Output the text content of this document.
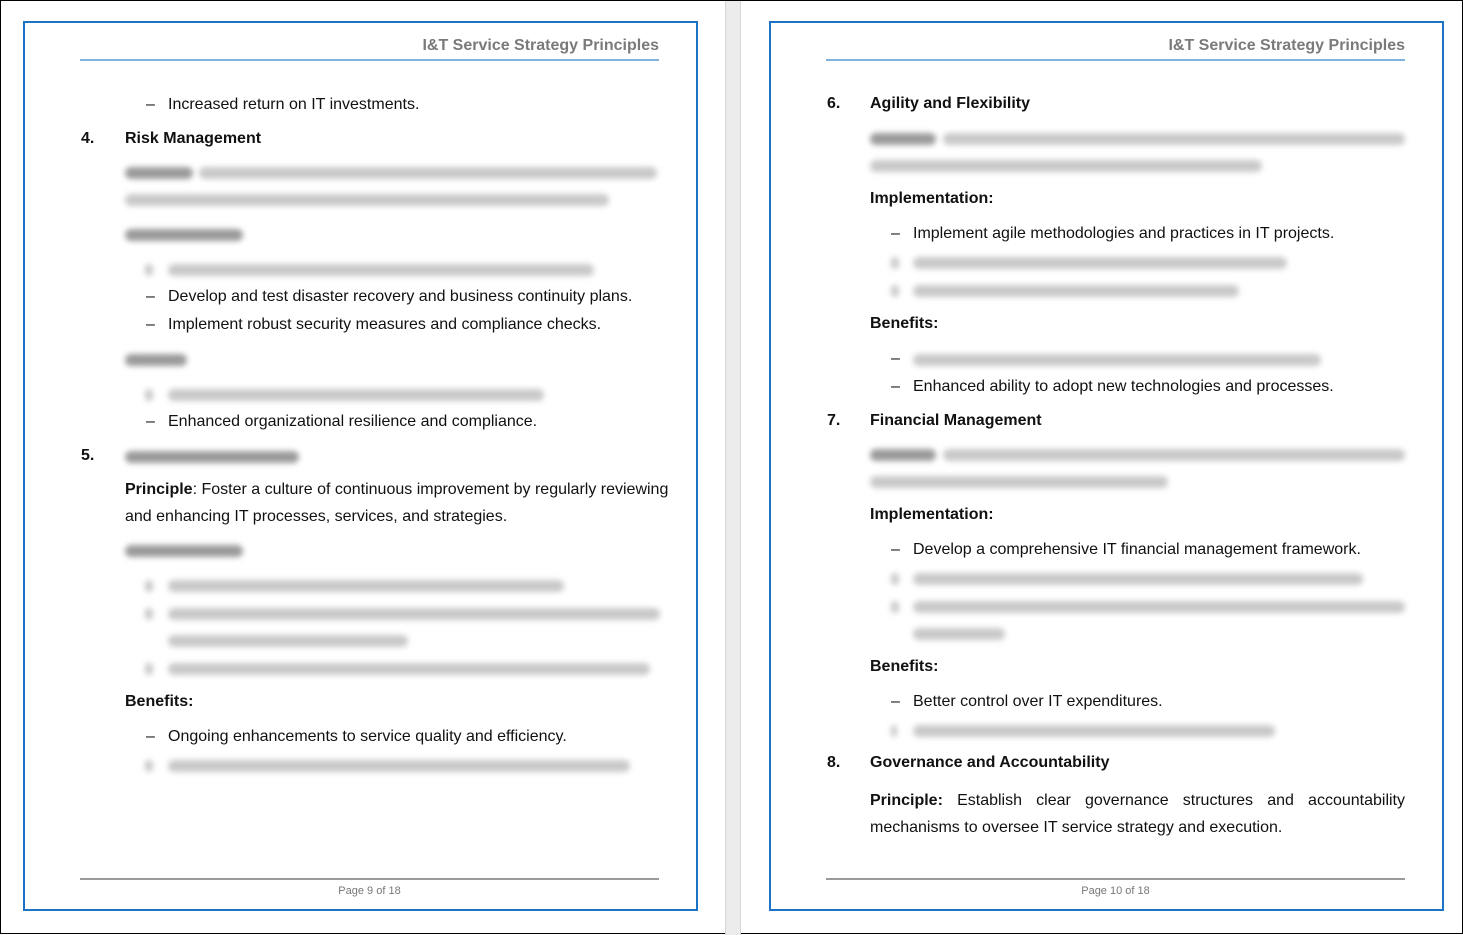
I&T Service Strategy Principles
– Increased return on IT investments.
4. Risk Management
– Develop and test disaster recovery and business continuity plans.
– Implement robust security measures and compliance checks.
– Enhanced organizational resilience and compliance.
5.
Principle: Foster a culture of continuous improvement by regularly reviewing
and enhancing IT processes, services, and strategies.
Benefits:
– Ongoing enhancements to service quality and efficiency.
Page 9 of 18
I&T Service Strategy Principles
6. Agility and Flexibility
Implementation:
– Implement agile methodologies and practices in IT projects.
Benefits:
–
– Enhanced ability to adopt new technologies and processes.
7. Financial Management
Implementation:
– Develop a comprehensive IT financial management framework.
Benefits:
– Better control over IT expenditures.
8. Governance and Accountability
Principle: Establish clear governance structures and accountability mechanisms to oversee IT service strategy and execution.
Page 10 of 18
